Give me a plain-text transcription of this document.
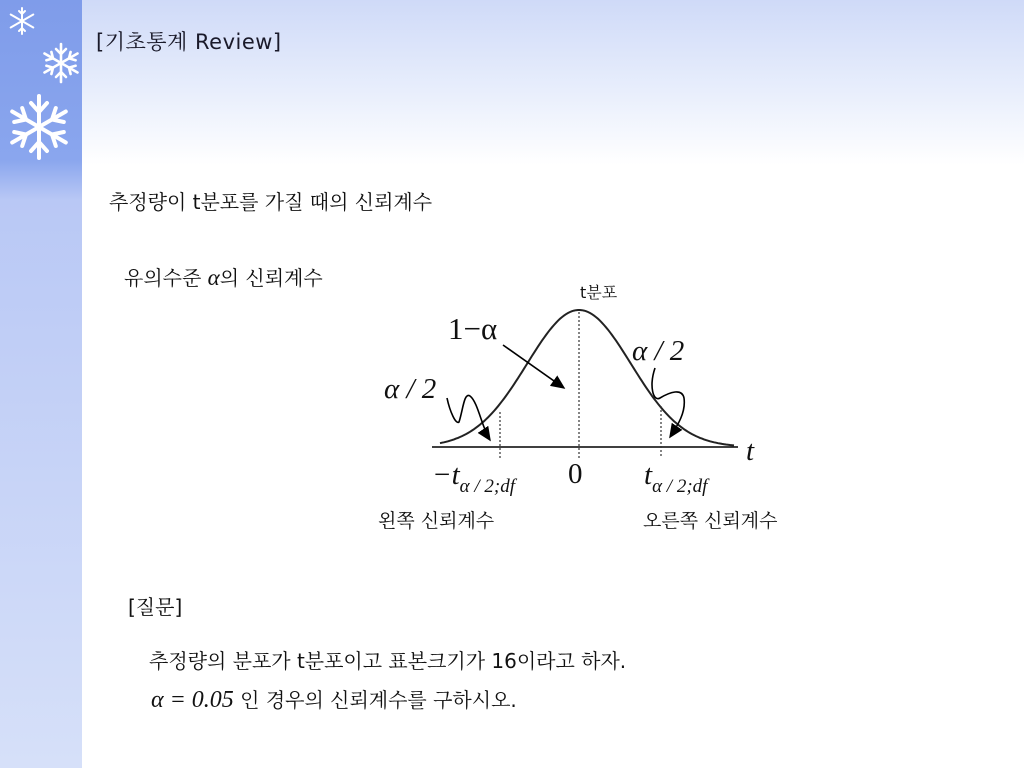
[기초통계 Review]
추정량이 t분포를 가질 때의 신뢰계수
유의수준 α의 신뢰계수
t분포
1−α
α / 2
α / 2
t
0
−tα / 2;df	tα / 2;df
왼쪽 신뢰계수	오른쪽 신뢰계수
[질문]
추정량의 분포가 t분포이고 표본크기가 16이라고 하자.
α = 0.05 인 경우의 신뢰계수를 구하시오.
